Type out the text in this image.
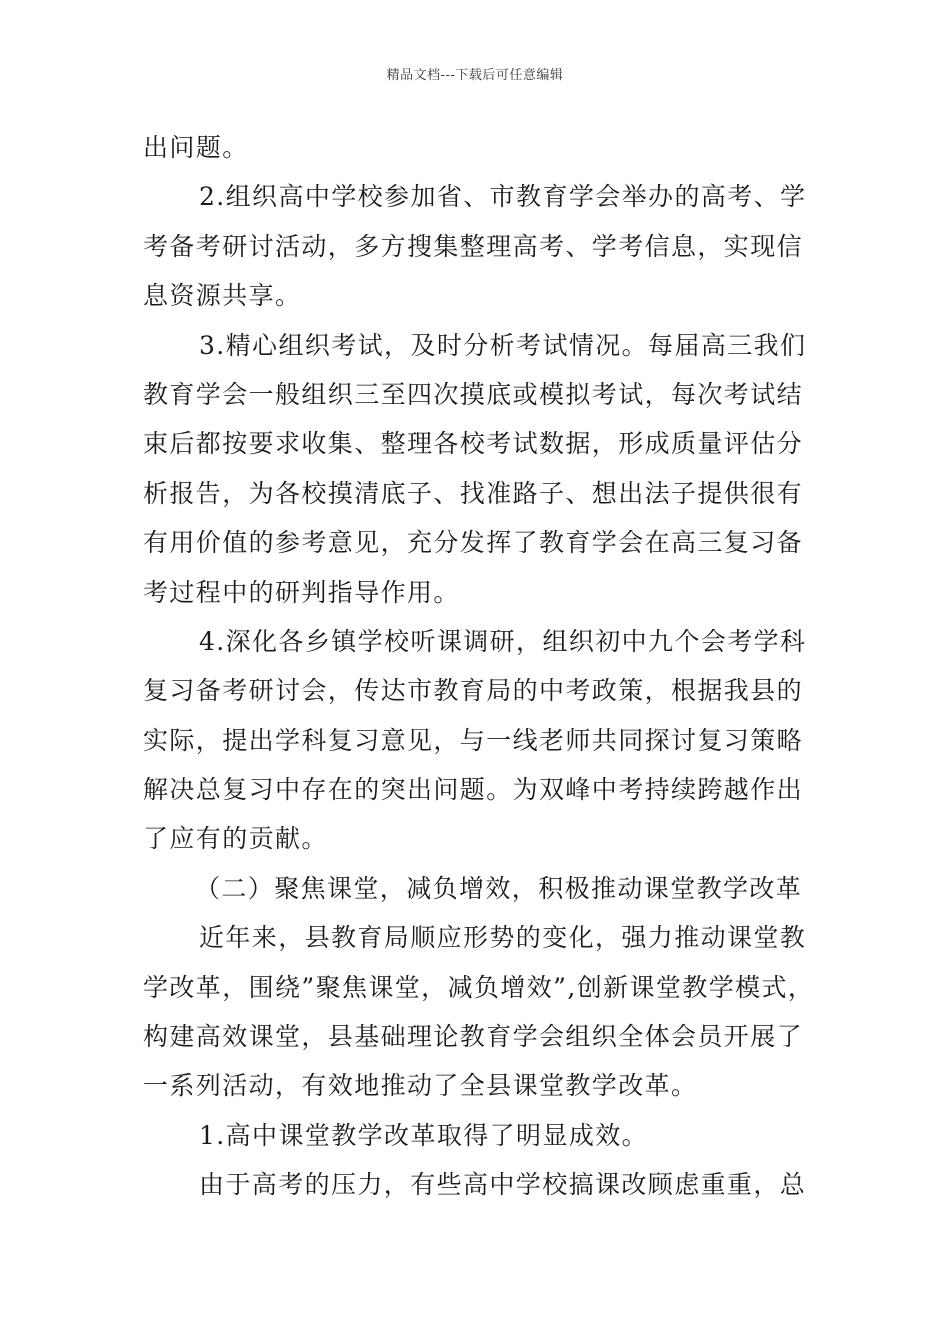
精品文档---下载后可任意编辑
出问题。
2.组织高中学校参加省、市教育学会举办的高考、学
考备考研讨活动，多方搜集整理高考、学考信息，实现信
息资源共享。
3.精心组织考试，及时分析考试情况。每届高三我们
教育学会一般组织三至四次摸底或模拟考试，每次考试结
束后都按要求收集、整理各校考试数据，形成质量评估分
析报告，为各校摸清底子、找准路子、想出法子提供很有
有用价值的参考意见，充分发挥了教育学会在高三复习备
考过程中的研判指导作用。
4.深化各乡镇学校听课调研，组织初中九个会考学科
复习备考研讨会，传达市教育局的中考政策，根据我县的
实际，提出学科复习意见，与一线老师共同探讨复习策略
解决总复习中存在的突出问题。为双峰中考持续跨越作出
了应有的贡献。
（二）聚焦课堂，减负增效，积极推动课堂教学改革
近年来，县教育局顺应形势的变化，强力推动课堂教
学改革，围绕”聚焦课堂，减负增效”,创新课堂教学模式，
构建高效课堂，县基础理论教育学会组织全体会员开展了
一系列活动，有效地推动了全县课堂教学改革。
1.高中课堂教学改革取得了明显成效。
由于高考的压力，有些高中学校搞课改顾虑重重，总
